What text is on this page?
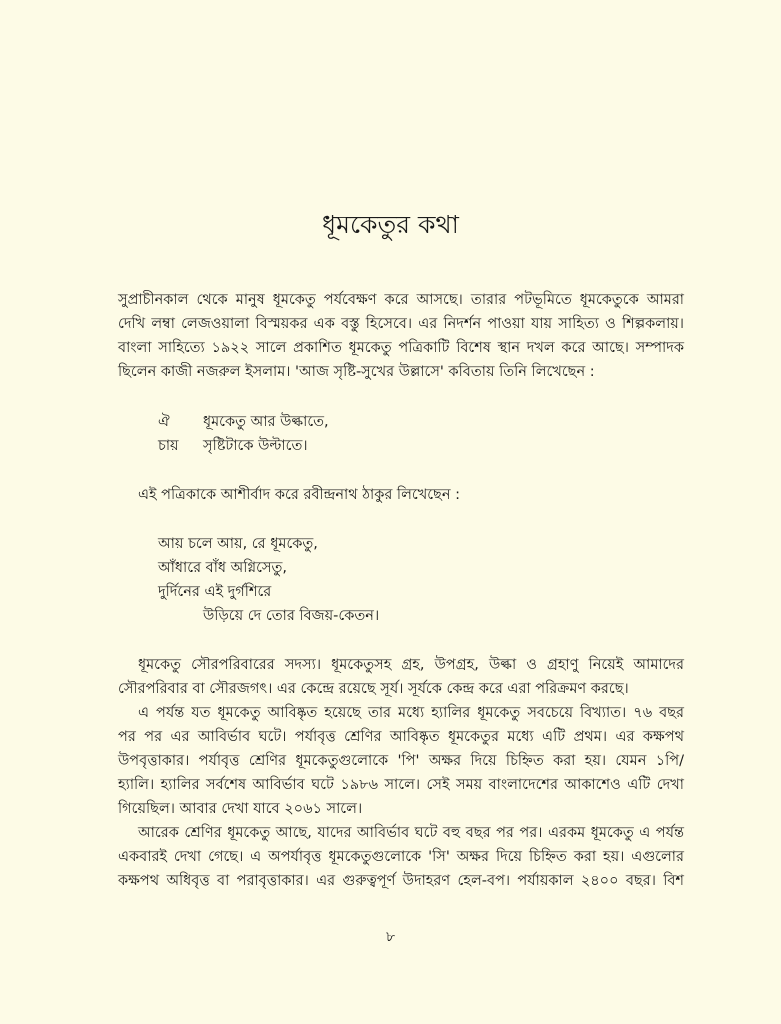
ধূমকেতুর কথা
সুপ্রাচীনকাল থেকে মানুষ ধূমকেতু পর্যবেক্ষণ করে আসছে। তারার পটভূমিতে ধূমকেতুকে আমরা
দেখি লম্বা লেজওয়ালা বিস্ময়কর এক বস্তু হিসেবে। এর নিদর্শন পাওয়া যায় সাহিত্য ও শিল্পকলায়।
বাংলা সাহিত্যে ১৯২২ সালে প্রকাশিত ধূমকেতু পত্রিকাটি বিশেষ স্থান দখল করে আছে। সম্পাদক
ছিলেন কাজী নজরুল ইসলাম। 'আজ সৃষ্টি-সুখের উল্লাসে' কবিতায় তিনি লিখেছেন :
ঐ ধূমকেতু আর উল্কাতে,
চায় সৃষ্টিটাকে উল্টাতে।
এই পত্রিকাকে আশীর্বাদ করে রবীন্দ্রনাথ ঠাকুর লিখেছেন :
আয় চলে আয়, রে ধূমকেতু,
আঁধারে বাঁধ অগ্নিসেতু,
দুর্দিনের এই দুর্গশিরে
উড়িয়ে দে তোর বিজয়-কেতন।
ধূমকেতু সৌরপরিবারের সদস্য। ধূমকেতুসহ গ্রহ, উপগ্রহ, উল্কা ও গ্রহাণু নিয়েই আমাদের
সৌরপরিবার বা সৌরজগৎ। এর কেন্দ্রে রয়েছে সূর্য। সূর্যকে কেন্দ্র করে এরা পরিক্রমণ করছে।
এ পর্যন্ত যত ধূমকেতু আবিষ্কৃত হয়েছে তার মধ্যে হ্যালির ধূমকেতু সবচেয়ে বিখ্যাত। ৭৬ বছর
পর পর এর আবির্ভাব ঘটে। পর্যাবৃত্ত শ্রেণির আবিষ্কৃত ধূমকেতুর মধ্যে এটি প্রথম। এর কক্ষপথ
উপবৃত্তাকার। পর্যাবৃত্ত শ্রেণির ধূমকেতুগুলোকে 'পি' অক্ষর দিয়ে চিহ্নিত করা হয়। যেমন ১পি/
হ্যালি। হ্যালির সর্বশেষ আবির্ভাব ঘটে ১৯৮৬ সালে। সেই সময় বাংলাদেশের আকাশেও এটি দেখা
গিয়েছিল। আবার দেখা যাবে ২০৬১ সালে।
আরেক শ্রেণির ধূমকেতু আছে, যাদের আবির্ভাব ঘটে বহু বছর পর পর। এরকম ধূমকেতু এ পর্যন্ত
একবারই দেখা গেছে। এ অপর্যাবৃত্ত ধূমকেতুগুলোকে 'সি' অক্ষর দিয়ে চিহ্নিত করা হয়। এগুলোর
কক্ষপথ অধিবৃত্ত বা পরাবৃত্তাকার। এর গুরুত্বপূর্ণ উদাহরণ হেল-বপ। পর্যায়কাল ২৪০০ বছর। বিশ
৮
